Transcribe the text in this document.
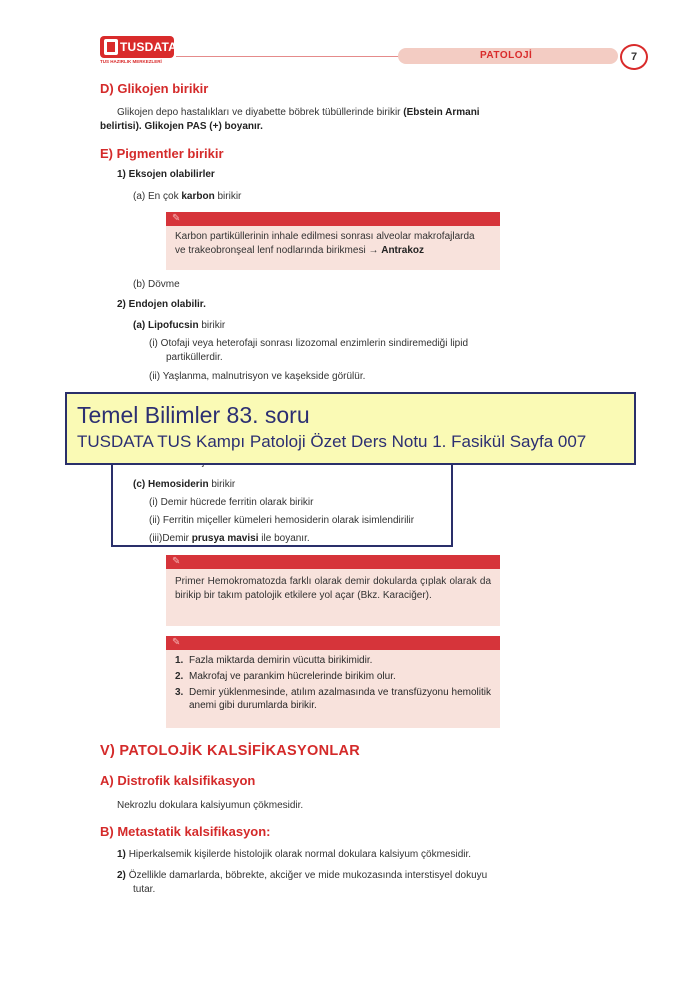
TUSDATA
TUS HAZIRLIK MERKEZLERİ
PATOLOJİ	7
D) Glikojen birikir
Glikojen depo hastalıkları ve diyabette böbrek tübüllerinde birikir (Ebstein Armani
belirtisi). Glikojen PAS (+) boyanır.
E) Pigmentler birikir
1) Eksojen olabilirler
(a) En çok karbon birikir
✎
Karbon partiküllerinin inhale edilmesi sonrası alveolar makrofajlarda
ve trakeobronşeal lenf nodlarında birikmesi → Antrakoz
(b) Dövme
2) Endojen olabilir.
(a) Lipofucsin birikir
(i) Otofaji veya heterofaji sonrası lizozomal enzimlerin sindiremediği lipid
partiküllerdir.
(ii) Yaşlanma, malnutrisyon ve kaşekside görülür.
(c) Hemosiderin birikir
(i) Demir hücrede ferritin olarak birikir
(ii) Ferritin miçeller kümeleri hemosiderin olarak isimlendirilir
(iii)Demir prusya mavisi ile boyanır.
✎
Primer Hemokromatozda farklı olarak demir dokularda çıplak olarak da birikip bir takım patolojik etkilere yol açar (Bkz. Karaciğer).
✎
1. Fazla miktarda demirin vücutta birikimidir.
2. Makrofaj ve parankim hücrelerinde birikim olur.
3. Demir yüklenmesinde, atılım azalmasında ve transfüzyonu hemolitik anemi gibi durumlarda birikir.
V) PATOLOJİK KALSİFİKASYONLAR
A) Distrofik kalsifikasyon
Nekrozlu dokulara kalsiyumun çökmesidir.
B) Metastatik kalsifikasyon:
1) Hiperkalsemik kişilerde histolojik olarak normal dokulara kalsiyum çökmesidir.
2) Özellikle damarlarda, böbrekte, akciğer ve mide mukozasında interstisyel dokuyu
tutar.
Temel Bilimler 83. soru
TUSDATA TUS Kampı Patoloji Özet Ders Notu 1. Fasikül Sayfa 007
